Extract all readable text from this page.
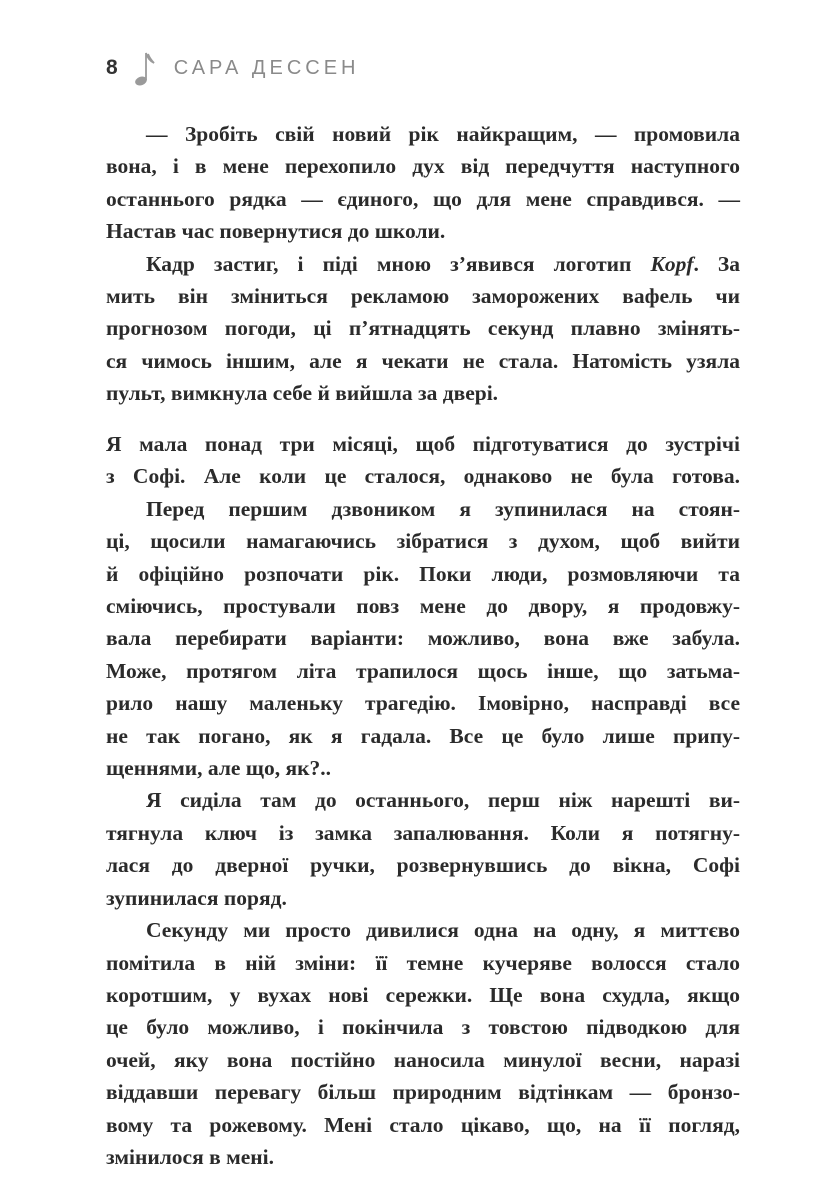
8	САРА ДЕССЕН

— Зробіть свій новий рік найкращим, — промовила
вона, і в мене перехопило дух від передчуття наступного
останнього рядка — єдиного, що для мене справдився. —

Настав час повернутися до школи.

Кадр застиг, і піді мною з’явився логотип Kopf. За
мить він зміниться рекламою заморожених вафель чи
прогнозом погоди, ці п’ятнадцять секунд плавно змінять-
ся чимось іншим, але я чекати не стала. Натомість узяла

пульт, вимкнула себе й вийшла за двері.

Я мала понад три місяці, щоб підготуватися до зустрічі
з Софі. Але коли це сталося, однаково не була готова.

Перед першим дзвоником я зупинилася на стоян-
ці, щосили намагаючись зібратися з духом, щоб вийти
й офіційно розпочати рік. Поки люди, розмовляючи та
сміючись, простували повз мене до двору, я продовжу-
вала перебирати варіанти: можливо, вона вже забула.
Може, протягом літа трапилося щось інше, що затьма-
рило нашу маленьку трагедію. Імовірно, насправді все
не так погано, як я гадала. Все це було лише припу-

щеннями, але що, як?..

Я сиділа там до останнього, перш ніж нарешті ви-
тягнула ключ із замка запалювання. Коли я потягну-
лася до дверної ручки, розвернувшись до вікна, Софі

зупинилася поряд.

Секунду ми просто дивилися одна на одну, я миттєво
помітила в ній зміни: її темне кучеряве волосся стало
коротшим, у вухах нові сережки. Ще вона схудла, якщо
це було можливо, і покінчила з товстою підводкою для
очей, яку вона постійно наносила минулої весни, наразі
віддавши перевагу більш природним відтінкам — бронзо-
вому та рожевому. Мені стало цікаво, що, на її погляд,

змінилося в мені.
